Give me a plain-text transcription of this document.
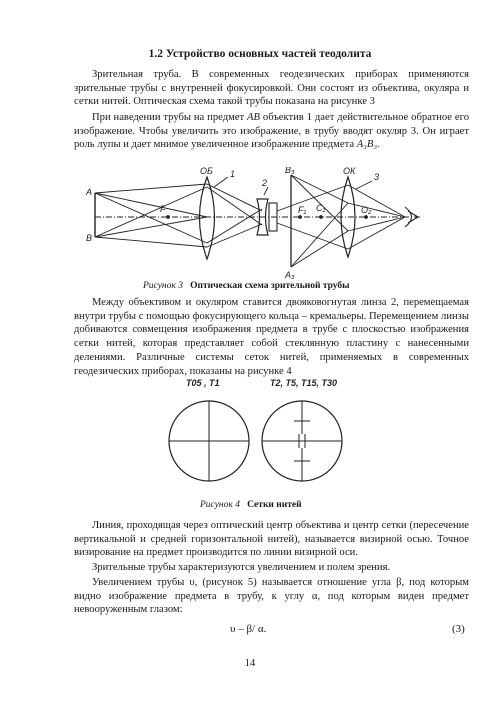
1.2 Устройство основных частей теодолита

Зрительная труба. В современных геодезических приборах применяются зрительные трубы с внутренней фокусировкой. Они состоят из объектива, окуляра и сетки нитей. Оптическая схема такой трубы показана на рисунке 3

При наведении трубы на предмет АВ объектив 1 дает действительное обратное его изображение. Чтобы увеличить это изображение, в трубу вводят окуляр 3. Он играет роль лупы и дает мнимое увеличенное изображение предмета А₃В₃.

A
B
F
ОБ 1
2
B₃
A₃
F₁ C₁
ОК
3
O₂
Рисунок 3 Оптическая схема зрительной трубы

Между объективом и окуляром ставится двояковогнутая линза 2, перемещаемая внутри трубы с помощью фокусирующего кольца – кремальеры. Перемещением линзы добиваются совмещения изображения предмета в трубе с плоскостью изображения сетки нитей, которая представляет собой стеклянную пластину с нанесенными делениями. Различные системы сеток нитей, применяемых в современных геодезических приборах, показаны на рисунке 4

Т05 , Т1	Т2, Т5, Т15, Т30
Рисунок 4 Сетки нитей

Линия, проходящая через оптический центр объектива и центр сетки (пересечение вертикальной и средней горизонтальной нитей), называется визирной осью. Точное визирование на предмет производится по линии визирной оси.

Зрительные трубы характеризуются увеличением и полем зрения.

Увеличением трубы υ, (рисунок 5) называется отношение угла β, под которым видно изображение предмета в трубу, к углу α, под которым виден предмет невооруженным глазом:

υ – β/ α.	(3)
14
